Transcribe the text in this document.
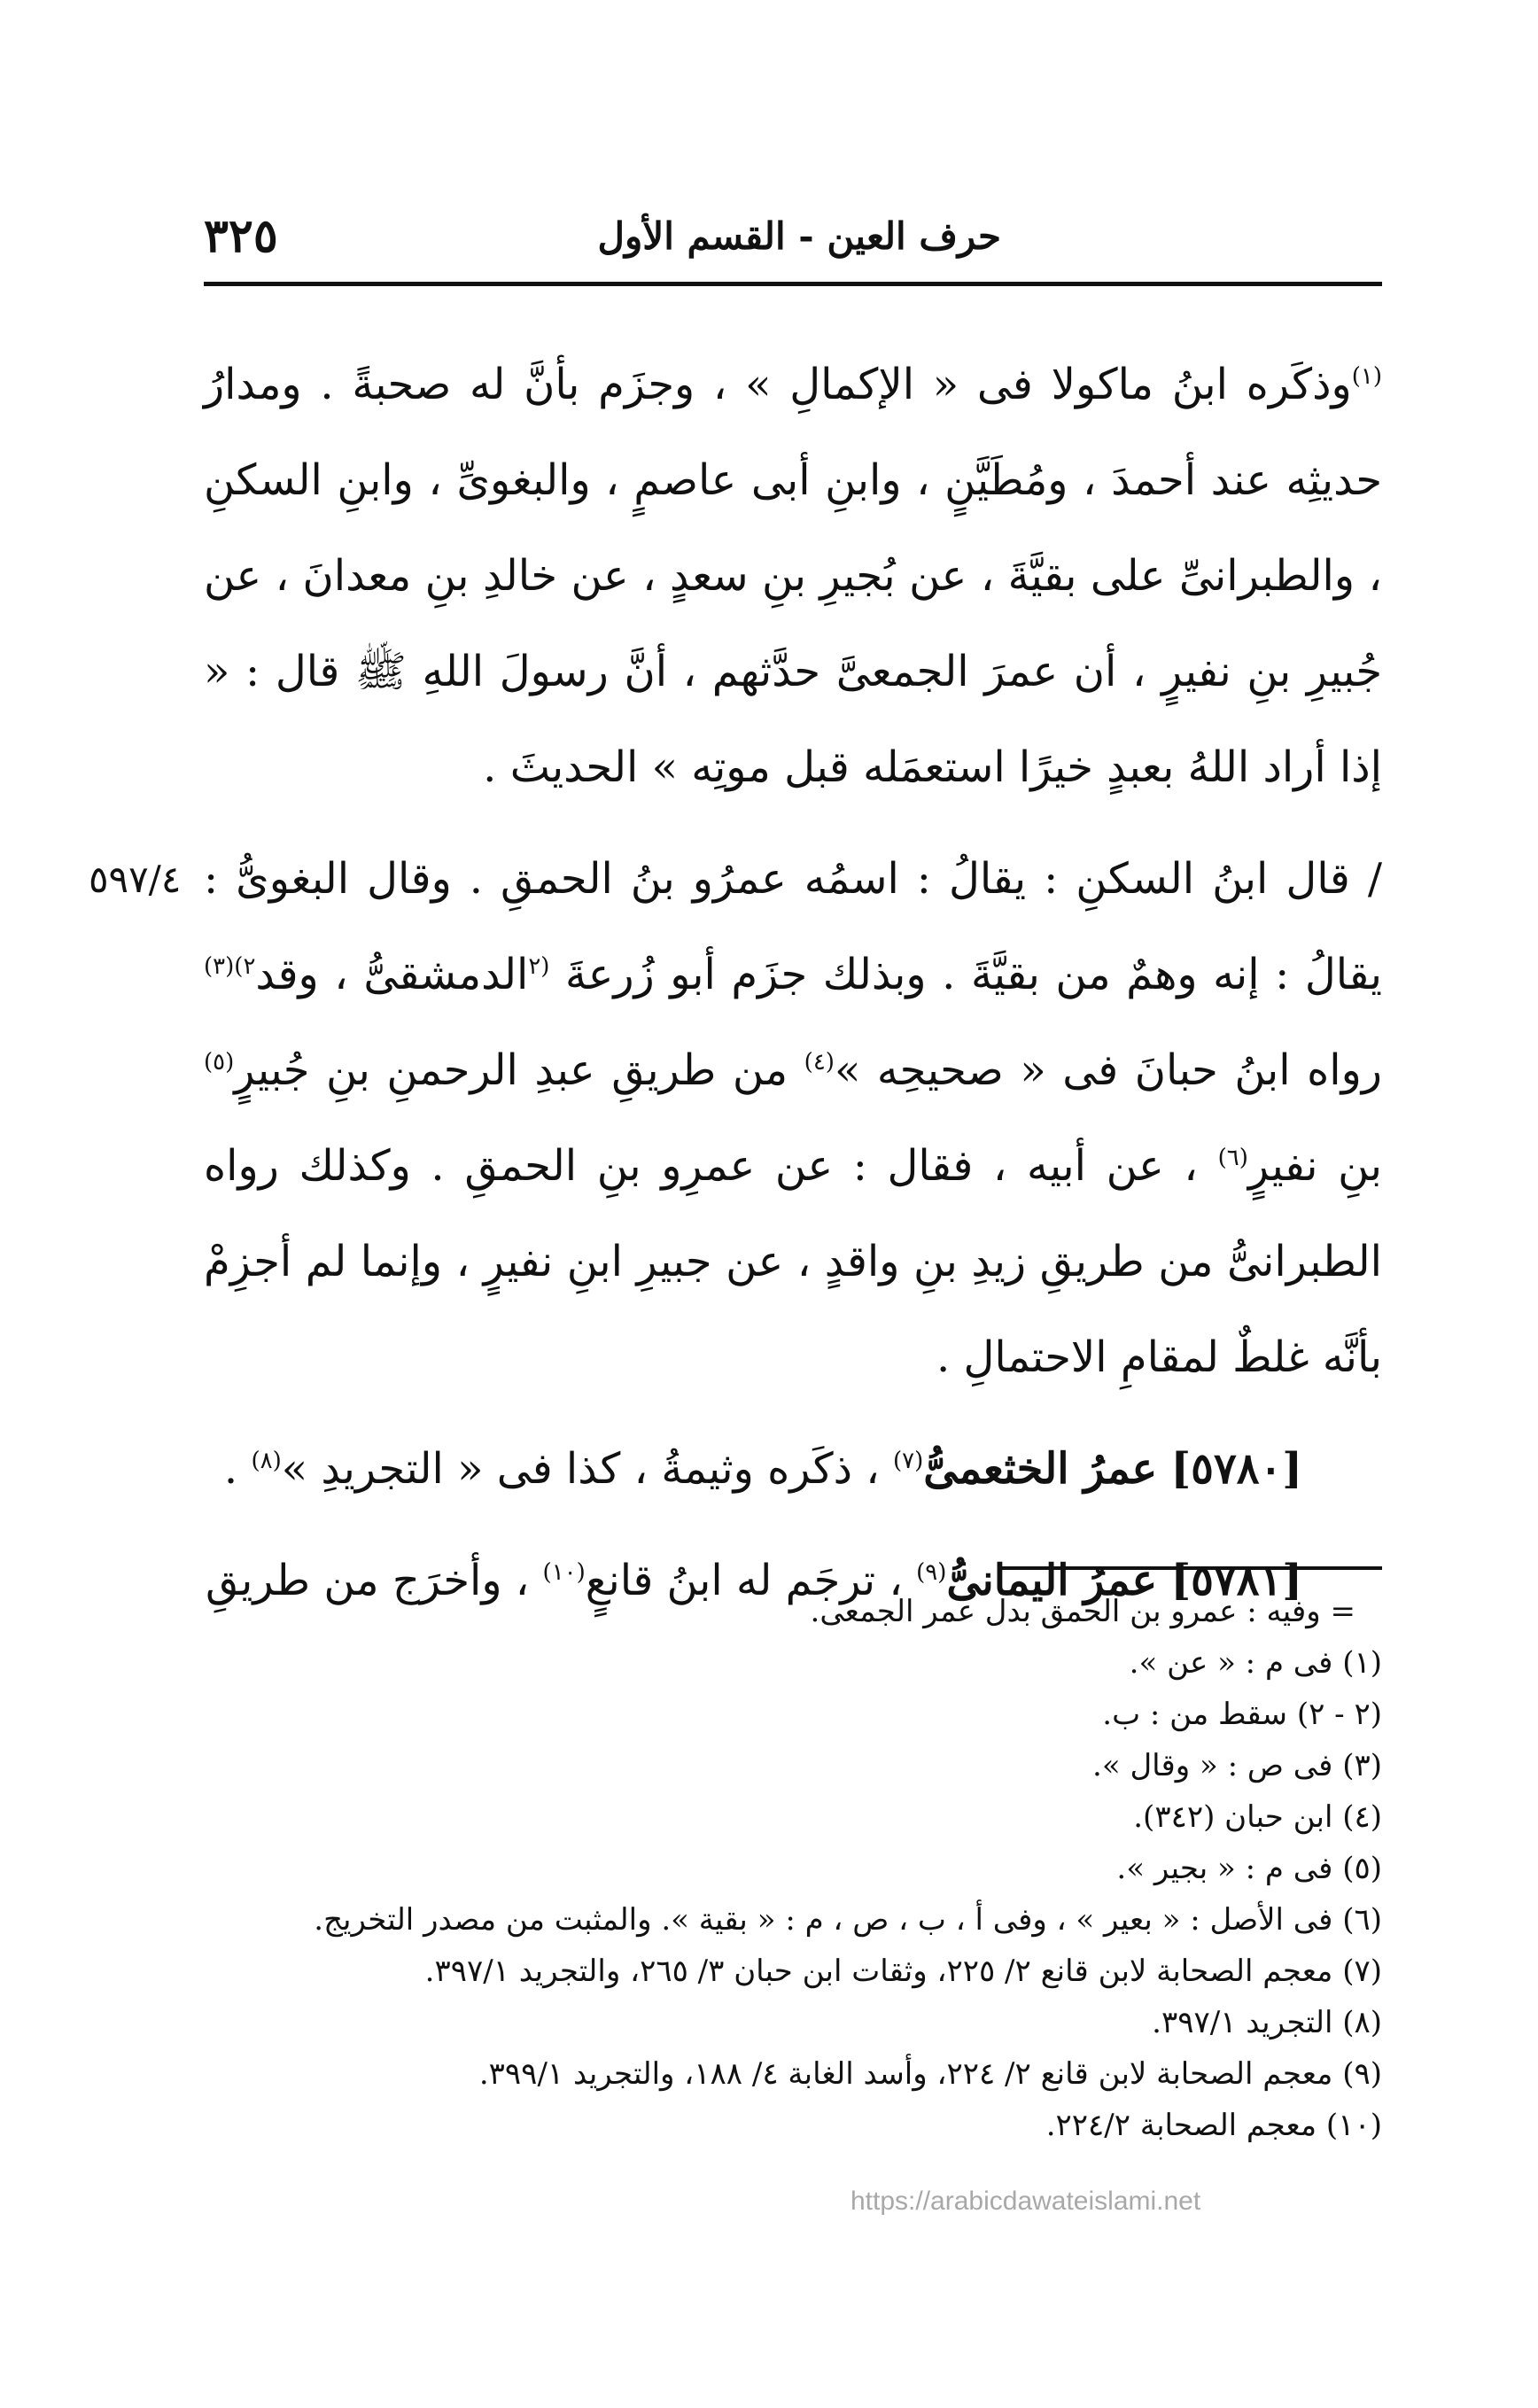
٣٢٥	حرف العين - القسم الأول
٥٩٧/٤

$^{(١)}$وذكَره ابنُ ماكولا فى « الإكمالِ » ، وجزَم بأنَّ له صحبةً . ومدارُ حديثِه عند أحمدَ ، ومُطَيَّنٍ ، وابنِ أبى عاصمٍ ، والبغوىِّ ، وابنِ السكنِ ، والطبرانىِّ على بقيَّةَ ، عن بُجيرِ بنِ سعدٍ ، عن خالدِ بنِ معدانَ ، عن جُبيرِ بنِ نفيرٍ ، أن عمرَ الجمعىَّ حدَّثهم ، أنَّ رسولَ اللهِ ﷺ قال : « إذا أراد اللهُ بعبدٍ خيرًا استعمَله قبل موتِه » الحديثَ .

/ قال ابنُ السكنِ : يقالُ : اسمُه عمرُو بنُ الحمقِ . وقال البغوىُّ : يقالُ : إنه وهمٌ من بقيَّةَ . وبذلك جزَم أبو زُرعةَ $^{(٢}$الدمشقىُّ ، وقد$^{٢)(٣)}$ رواه ابنُ حبانَ فى « صحيحِه »$^{(٤)}$ من طريقِ عبدِ الرحمنِ بنِ جُبيرٍ$^{(٥)}$ بنِ نفيرٍ$^{(٦)}$ ، عن أبيه ، فقال : عن عمرِو بنِ الحمقِ . وكذلك رواه الطبرانىُّ من طريقِ زيدِ بنِ واقدٍ ، عن جبيرِ ابنِ نفيرٍ ، وإنما لم أجزِمْ بأنَّه غلطٌ لمقامِ الاحتمالِ .

[٥٧٨٠] عمرُ الخثعمىُّ$^{(٧)}$ ، ذكَره وثيمةُ ، كذا فى « التجريدِ »$^{(٨)}$ .

[٥٧٨١] عمرُ اليمانىُّ$^{(٩)}$ ، ترجَم له ابنُ قانعٍ$^{(١٠)}$ ، وأخرَج من طريقِ

= وفيه : عمرو بن الحمق بدل عمر الجمعى.

(١) فى م : « عن ».

(٢ - ٢) سقط من : ب.

(٣) فى ص : « وقال ».

(٤) ابن حبان (٣٤٢).

(٥) فى م : « بجير ».

(٦) فى الأصل : « بعير » ، وفى أ ، ب ، ص ، م : « بقية ». والمثبت من مصدر التخريج.

(٧) معجم الصحابة لابن قانع ٢/ ٢٢٥، وثقات ابن حبان ٣/ ٢٦٥، والتجريد ٣٩٧/١.

(٨) التجريد ٣٩٧/١.

(٩) معجم الصحابة لابن قانع ٢/ ٢٢٤، وأسد الغابة ٤/ ١٨٨، والتجريد ٣٩٩/١.

(١٠) معجم الصحابة ٢٢٤/٢.

https://arabicdawateislami.net
